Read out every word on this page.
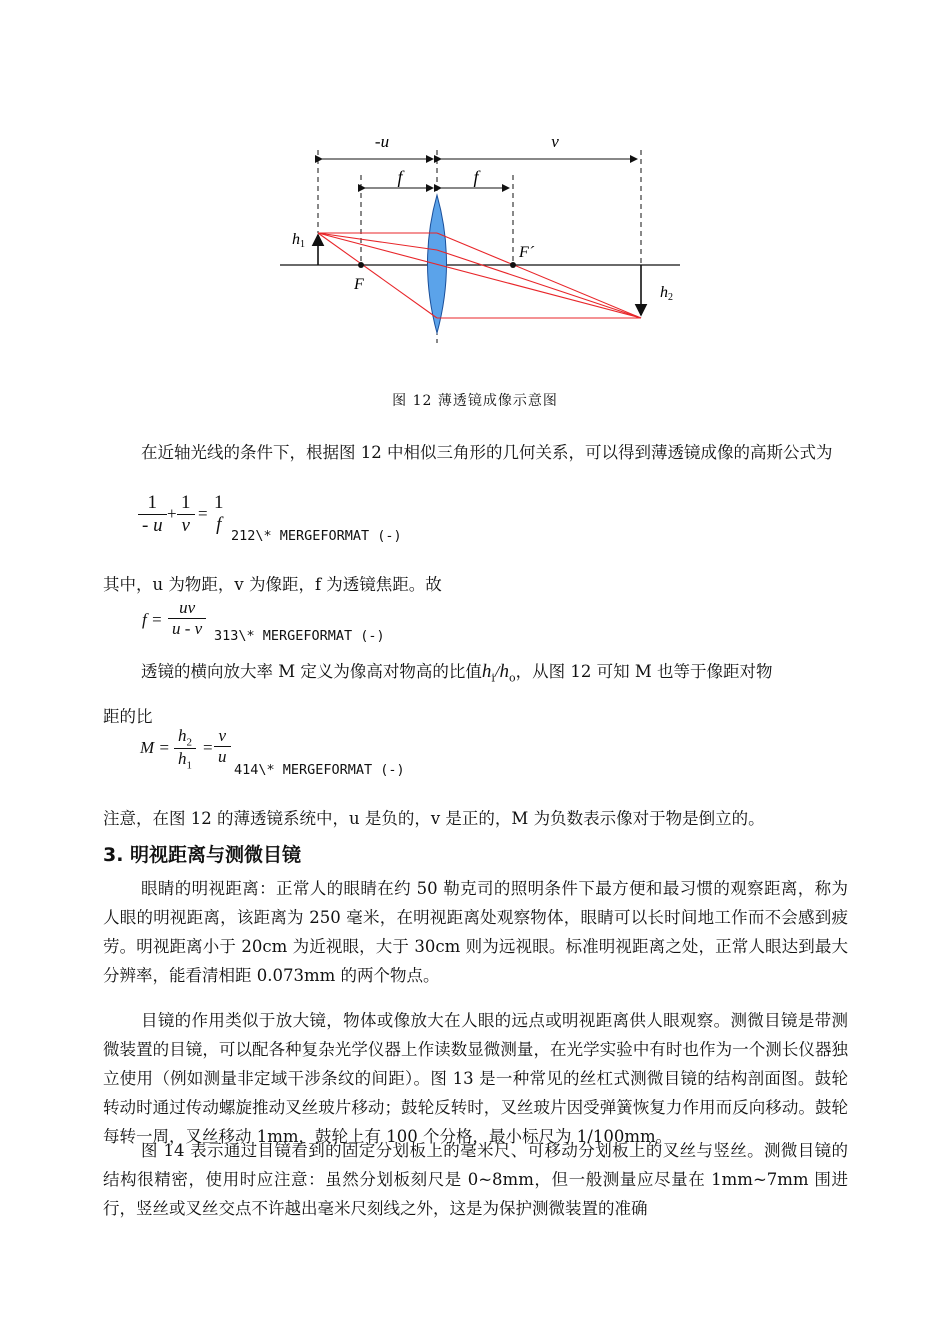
-u	v
f	f
h1
h2
F
F´
图 12 薄透镜成像示意图
在近轴光线的条件下，根据图 12 中相似三角形的几何关系，可以得到薄透镜成像的高斯公式为
$\frac{1}{- u} + \frac{1}{v}$ =
1
f
212\* MERGEFORMAT (-)
其中，u 为物距，v 为像距，f 为透镜焦距。故
$f = \frac{uv}{u - v}$ 313\* MERGEFORMAT (-)
透镜的横向放大率 M 定义为像高对物高的比值$h_i/h_o$，从图 12 可知 M 也等于像距对物
距的比
$M = \frac{h_2}{h_1} = \frac{v}{u}$
414\* MERGEFORMAT (-)
注意，在图 12 的薄透镜系统中，u 是负的，v 是正的，M 为负数表示像对于物是倒立的。
3. 明视距离与测微目镜
眼睛的明视距离：正常人的眼睛在约 50 勒克司的照明条件下最方便和最习惯的观察距离，称为人眼的明视距离，该距离为 250 毫米，在明视距离处观察物体，眼睛可以长时间地工作而不会感到疲劳。明视距离小于 20cm 为近视眼，大于 30cm 则为远视眼。标准明视距离之处，正常人眼达到最大分辨率，能看清相距 0.073mm 的两个物点。
目镜的作用类似于放大镜，物体或像放大在人眼的远点或明视距离供人眼观察。测微目镜是带测微装置的目镜，可以配各种复杂光学仪器上作读数显微测量，在光学实验中有时也作为一个测长仪器独立使用（例如测量非定域干涉条纹的间距）。图 13 是一种常见的丝杠式测微目镜的结构剖面图。鼓轮转动时通过传动螺旋推动叉丝玻片移动；鼓轮反转时，叉丝玻片因受弹簧恢复力作用而反向移动。鼓轮每转一周，叉丝移动 1mm，鼓轮上有 100 个分格，最小标尺为 1/100mm。
图 14 表示通过目镜看到的固定分划板上的毫米尺、可移动分划板上的叉丝与竖丝。测微目镜的结构很精密，使用时应注意：虽然分划板刻尺是 0~8mm，但一般测量应尽量在 1mm~7mm 围进行，竖丝或叉丝交点不许越出毫米尺刻线之外，这是为保护测微装置的准确
